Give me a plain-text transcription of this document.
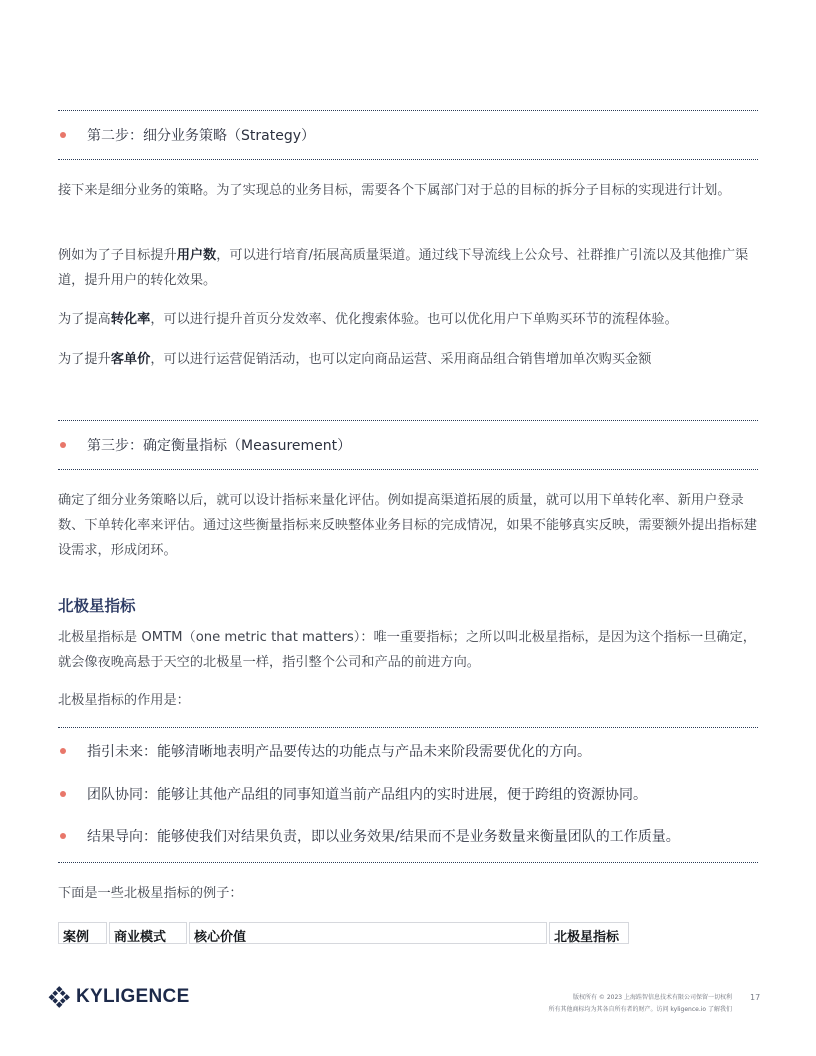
第二步：细分业务策略（Strategy）
接下来是细分业务的策略。为了实现总的业务目标，需要各个下属部门对于总的目标的拆分子目标的实现进行计划。
例如为了子目标提升用户数，可以进行培育/拓展高质量渠道。通过线下导流线上公众号、社群推广引流以及其他推广渠道，提升用户的转化效果。
为了提高转化率，可以进行提升首页分发效率、优化搜索体验。也可以优化用户下单购买环节的流程体验。
为了提升客单价，可以进行运营促销活动，也可以定向商品运营、采用商品组合销售增加单次购买金额
第三步：确定衡量指标（Measurement）
确定了细分业务策略以后，就可以设计指标来量化评估。例如提高渠道拓展的质量，就可以用下单转化率、新用户登录数、下单转化率来评估。通过这些衡量指标来反映整体业务目标的完成情况，如果不能够真实反映，需要额外提出指标建设需求，形成闭环。
北极星指标
北极星指标是 OMTM（one metric that matters）：唯一重要指标；之所以叫北极星指标，是因为这个指标一旦确定，就会像夜晚高悬于天空的北极星一样，指引整个公司和产品的前进方向。
北极星指标的作用是：
指引未来：能够清晰地表明产品要传达的功能点与产品未来阶段需要优化的方向。
团队协同：能够让其他产品组的同事知道当前产品组内的实时进展，便于跨组的资源协同。
结果导向：能够使我们对结果负责，即以业务效果/结果而不是业务数量来衡量团队的工作质量。
下面是一些北极星指标的例子：
案例	商业模式	核心价值	北极星指标
KYLIGENCE	版权所有 © 2023 上海跬智信息技术有限公司保留一切权利
所有其他商标均为其各自所有者的财产。访问 kyligence.io 了解我们
17
